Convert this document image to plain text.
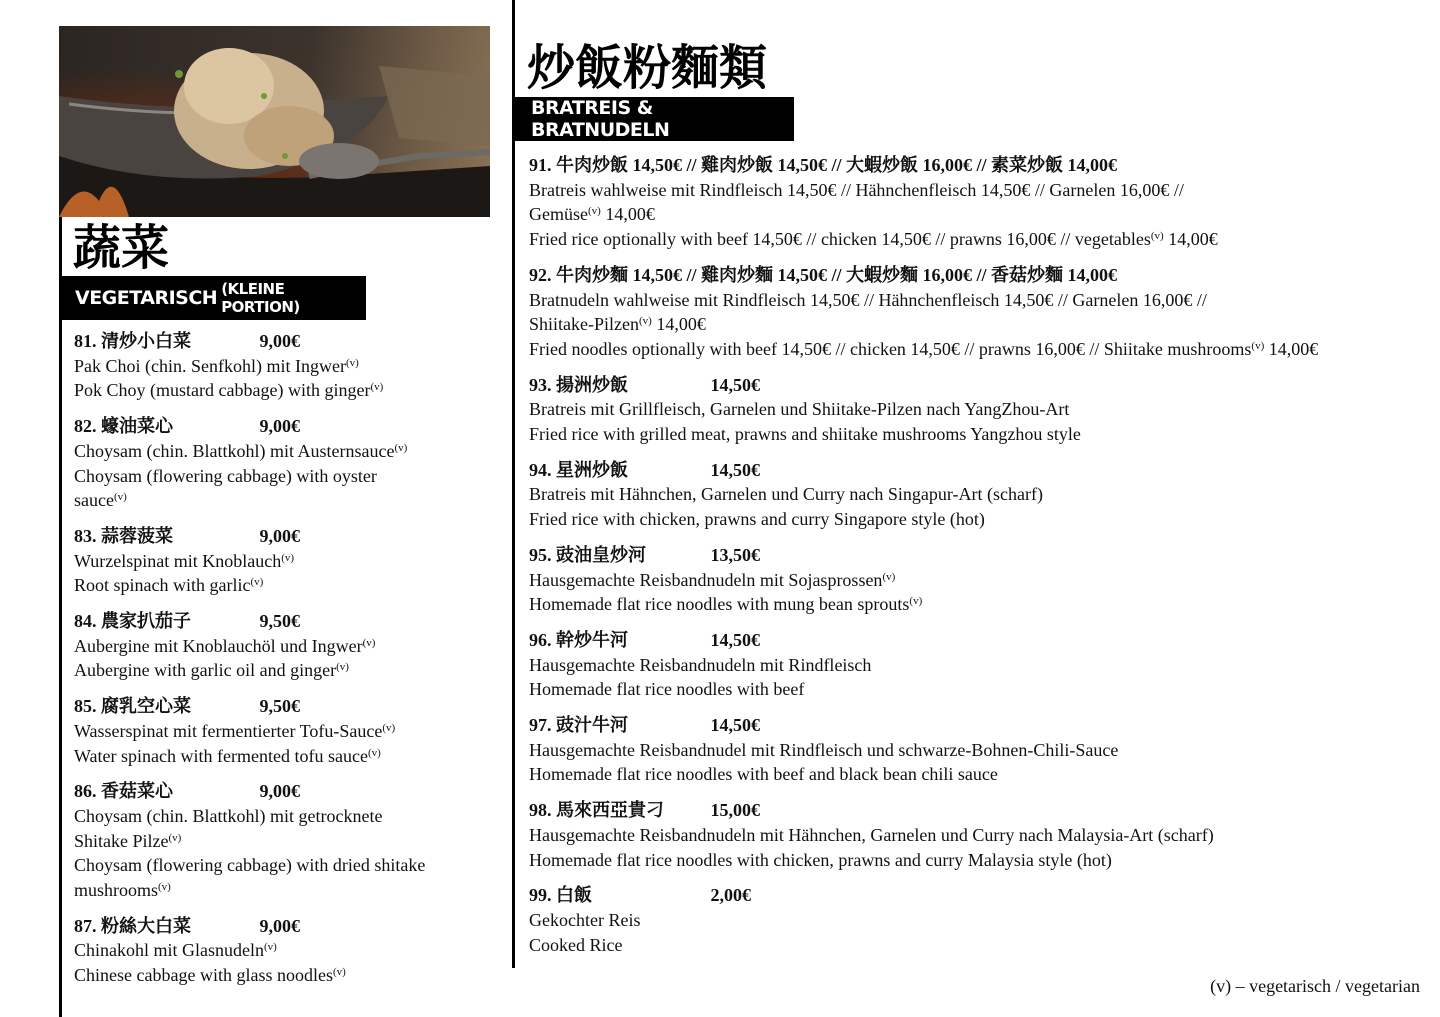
蔬菜
VEGETARISCH (KLEINE PORTION)
炒飯粉麵類
BRATREIS & BRATNUDELN
81. 清炒小白菜	9,00€
Pak Choi (chin. Senfkohl) mit Ingwer$^{(v)}$
Pok Choy (mustard cabbage) with ginger$^{(v)}$
82. 蠔油菜心	9,00€
Choysam (chin. Blattkohl) mit Austernsauce$^{(v)}$
Choysam (flowering cabbage) with oyster sauce$^{(v)}$
83. 蒜蓉菠菜	9,00€
Wurzelspinat mit Knoblauch$^{(v)}$
Root spinach with garlic$^{(v)}$
84. 農家扒茄子	9,50€
Aubergine mit Knoblauchöl und Ingwer$^{(v)}$
Aubergine with garlic oil and ginger$^{(v)}$
85. 腐乳空心菜	9,50€
Wasserspinat mit fermentierter Tofu-Sauce$^{(v)}$
Water spinach with fermented tofu sauce$^{(v)}$
86. 香菇菜心	9,00€
Choysam (chin. Blattkohl) mit getrocknete Shitake Pilze$^{(v)}$
Choysam (flowering cabbage) with dried shitake mushrooms$^{(v)}$
87. 粉絲大白菜	9,00€
Chinakohl mit Glasnudeln$^{(v)}$
Chinese cabbage with glass noodles$^{(v)}$
91. 牛肉炒飯 14,50€ // 雞肉炒飯 14,50€ // 大蝦炒飯 16,00€ // 素菜炒飯 14,00€
Bratreis wahlweise mit Rindfleisch 14,50€ // Hähnchenfleisch 14,50€ // Garnelen 16,00€ //
Gemüse$^{(v)}$ 14,00€
Fried rice optionally with beef 14,50€ // chicken 14,50€ // prawns 16,00€ // vegetables$^{(v)}$ 14,00€
92. 牛肉炒麵 14,50€ // 雞肉炒麵 14,50€ // 大蝦炒麵 16,00€ // 香菇炒麵 14,00€
Bratnudeln wahlweise mit Rindfleisch 14,50€ // Hähnchenfleisch 14,50€ // Garnelen 16,00€ //
Shiitake-Pilzen$^{(v)}$ 14,00€
Fried noodles optionally with beef 14,50€ // chicken 14,50€ // prawns 16,00€ // Shiitake mushrooms$^{(v)}$ 14,00€
93. 揚洲炒飯	14,50€
Bratreis mit Grillfleisch, Garnelen und Shiitake-Pilzen nach YangZhou-Art
Fried rice with grilled meat, prawns and shiitake mushrooms Yangzhou style
94. 星洲炒飯	14,50€
Bratreis mit Hähnchen, Garnelen und Curry nach Singapur-Art (scharf)
Fried rice with chicken, prawns and curry Singapore style (hot)
95. 豉油皇炒河	13,50€
Hausgemachte Reisbandnudeln mit Sojasprossen$^{(v)}$
Homemade flat rice noodles with mung bean sprouts$^{(v)}$
96. 幹炒牛河	14,50€
Hausgemachte Reisbandnudeln mit Rindfleisch
Homemade flat rice noodles with beef
97. 豉汁牛河	14,50€
Hausgemachte Reisbandnudel mit Rindfleisch und schwarze-Bohnen-Chili-Sauce
Homemade flat rice noodles with beef and black bean chili sauce
98. 馬來西亞貴刁	15,00€
Hausgemachte Reisbandnudeln mit Hähnchen, Garnelen und Curry nach Malaysia-Art (scharf)
Homemade flat rice noodles with chicken, prawns and curry Malaysia style (hot)
99. 白飯	2,00€
Gekochter Reis
Cooked Rice
(v) – vegetarisch / vegetarian
